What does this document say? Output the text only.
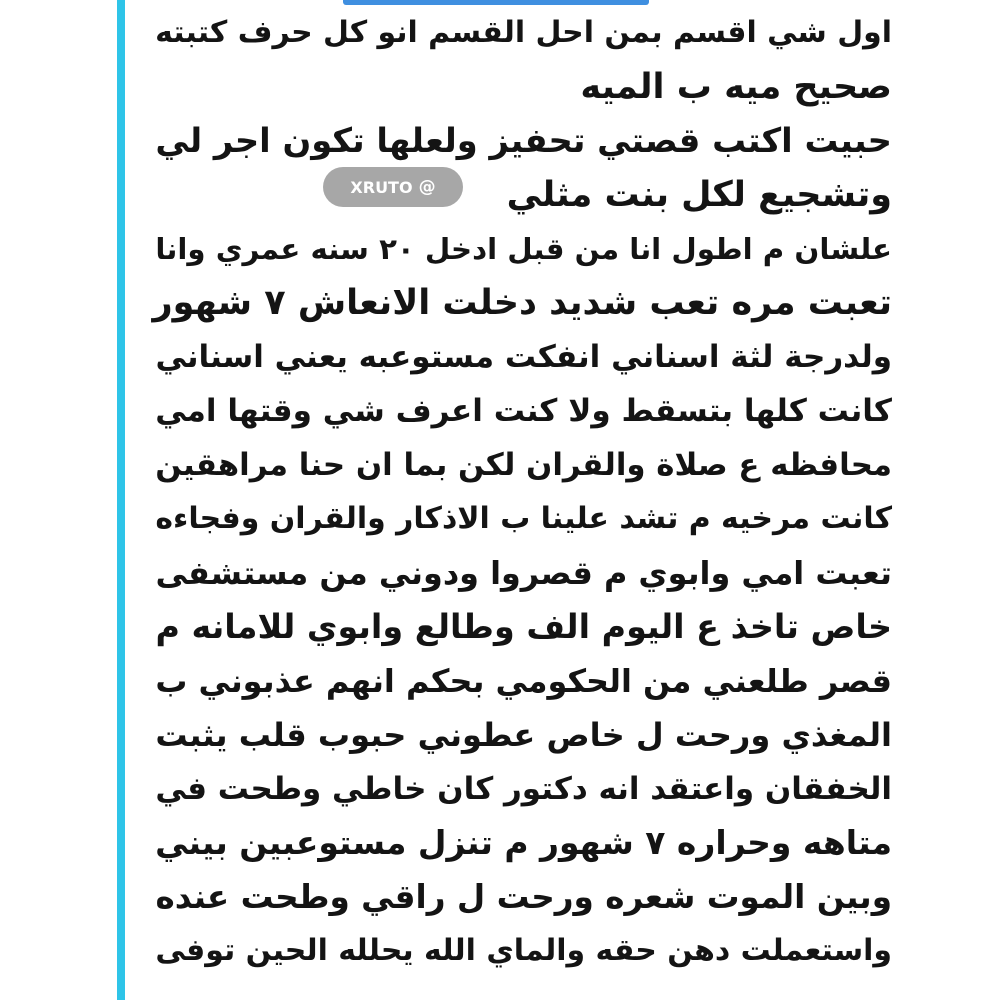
اول شي اقسم بمن احل القسم انو كل حرف كتبته
صحيح ميه ب الميه
حبيت اكتب قصتي تحفيز ولعلها تكون اجر لي
وتشجيع لكل بنت مثلي
علشان م اطول انا من قبل ادخل ٢٠ سنه عمري وانا
تعبت مره تعب شديد دخلت الانعاش ٧ شهور
ولدرجة لثة اسناني انفكت مستوعبه يعني اسناني
كانت كلها بتسقط ولا كنت اعرف شي وقتها امي
محافظه ع صلاة والقران لكن بما ان حنا مراهقين
كانت مرخيه م تشد علينا ب الاذكار والقران وفجاءه
تعبت امي وابوي م قصروا ودوني من مستشفى
خاص تاخذ ع اليوم الف وطالع وابوي للامانه م
قصر طلعني من الحكومي بحكم انهم عذبوني ب
المغذي ورحت ل خاص عطوني حبوب قلب يثبت
الخفقان واعتقد انه دكتور كان خاطي وطحت في
متاهه وحراره ٧ شهور م تنزل مستوعبين بيني
وبين الموت شعره ورحت ل راقي وطحت عنده
واستعملت دهن حقه والماي الله يحلله الحين توفى
XRUTO @
